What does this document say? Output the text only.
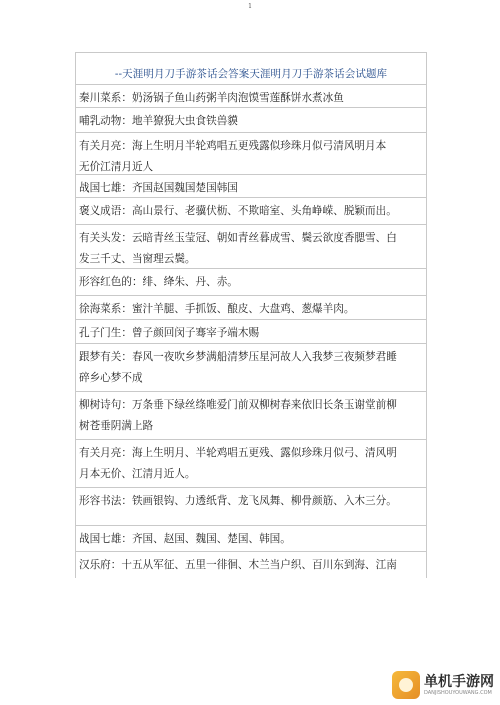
1
--天涯明月刀手游茶话会答案天涯明月刀手游茶话会试题库
秦川菜系：奶汤锅子鱼山药粥羊肉泡馍雪莲酥饼水煮冰鱼
哺乳动物：地羊獠猊大虫食铁兽貘
有关月亮：海上生明月半轮鸡唱五更残露似珍珠月似弓清风明月本
无价江清月近人
战国七雄：齐国赵国魏国楚国韩国
褒义成语：高山景行、老骥伏枥、不欺暗室、头角峥嵘、脱颖而出。
有关头发：云暗青丝玉莹冠、朝如青丝暮成雪、鬓云欲度香腮雪、白
发三千丈、当窗理云鬓。
形容红色的：绯、绛朱、丹、赤。
徐海菜系：蜜汁羊腿、手抓饭、酿皮、大盘鸡、葱爆羊肉。
孔子门生：曾子颜回闵子骞宰予端木赐
跟梦有关：春风一夜吹乡梦满船清梦压星河故人入我梦三夜频梦君睡
碎乡心梦不成
柳树诗句：万条垂下绿丝绦唯爱门前双柳树春来依旧长条玉谢堂前柳
树苍垂阴满上路
有关月亮：海上生明月、半轮鸡唱五更残、露似珍珠月似弓、清风明
月本无价、江清月近人。
形容书法：铁画银钩、力透纸背、龙飞凤舞、柳骨颜筋、入木三分。
战国七雄：齐国、赵国、魏国、楚国、韩国。
汉乐府：十五从军征、五里一徘徊、木兰当户织、百川东到海、江南
单机手游网
DANJISHOUYOUWANG.COM
